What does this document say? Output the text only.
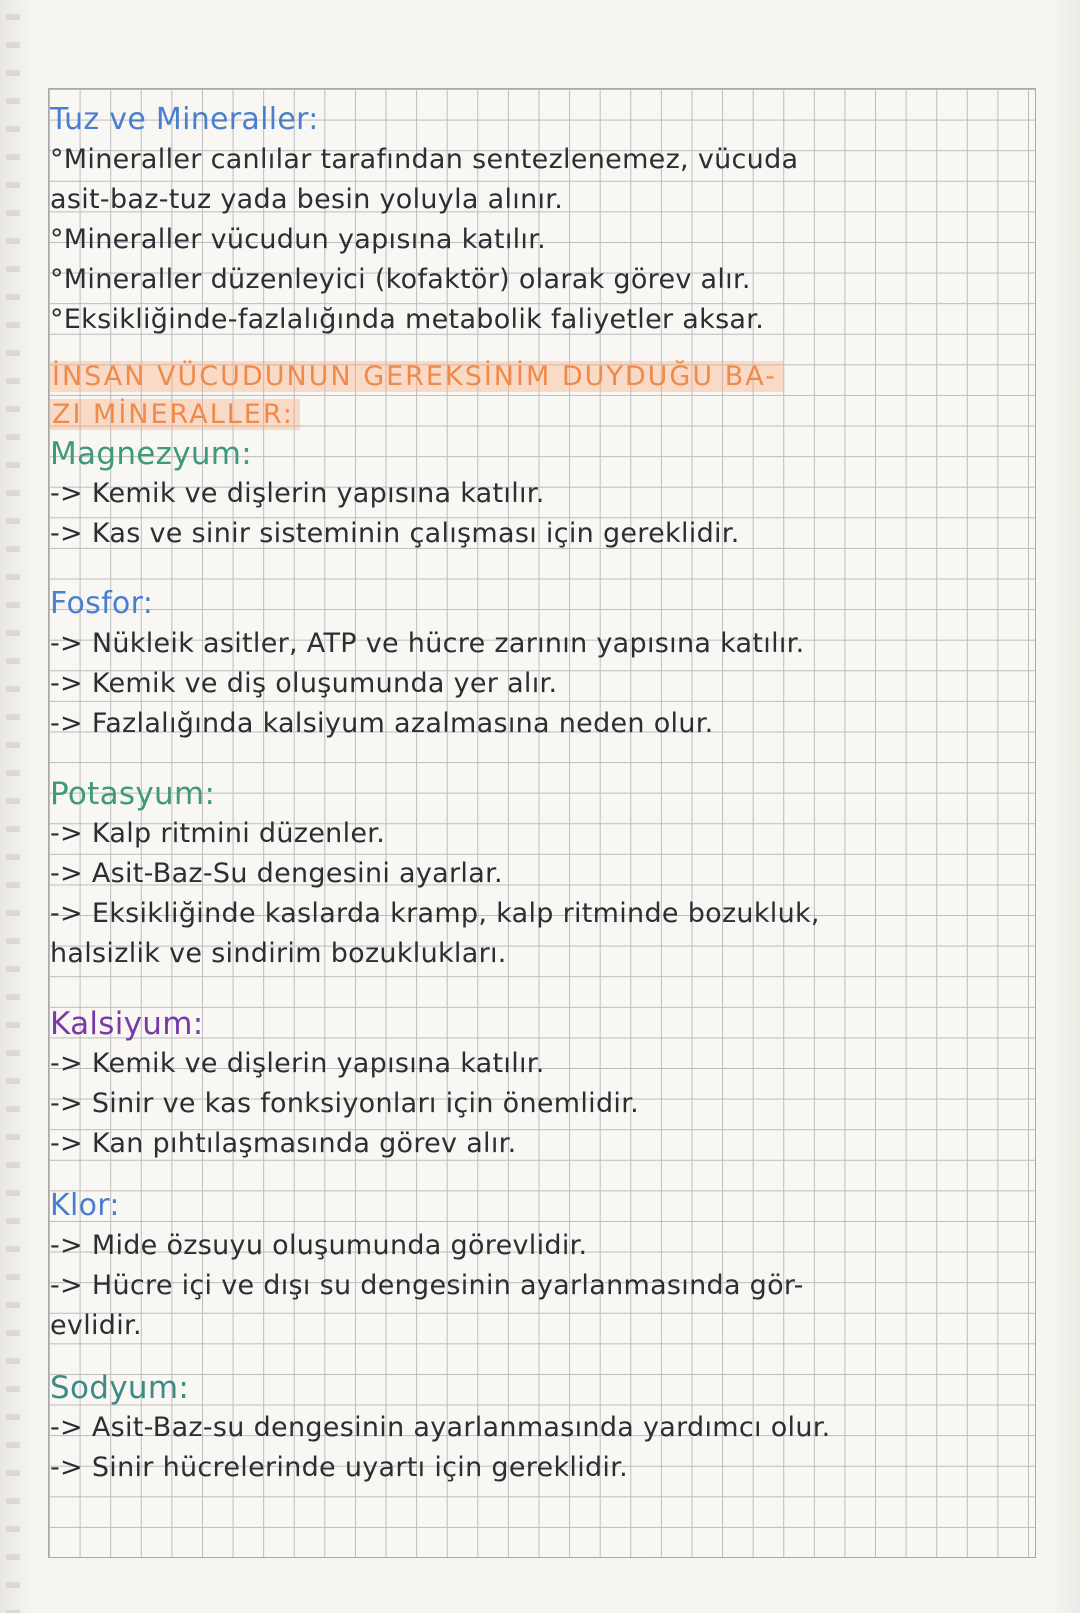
Tuz ve Mineraller:

°Mineraller canlılar tarafından sentezlenemez, vücuda

asit-baz-tuz yada besin yoluyla alınır.

°Mineraller vücudun yapısına katılır.

°Mineraller düzenleyici (kofaktör) olarak görev alır.

°Eksikliğinde-fazlalığında metabolik faliyetler aksar.

İNSAN VÜCUDUNUN GEREKSİNİM DUYDUĞU BA-

ZI MİNERALLER:

Magnezyum:

-> Kemik ve dişlerin yapısına katılır.

-> Kas ve sinir sisteminin çalışması için gereklidir.

Fosfor:

-> Nükleik asitler, ATP ve hücre zarının yapısına katılır.

-> Kemik ve diş oluşumunda yer alır.

-> Fazlalığında kalsiyum azalmasına neden olur.

Potasyum:

-> Kalp ritmini düzenler.

-> Asit-Baz-Su dengesini ayarlar.

-> Eksikliğinde kaslarda kramp, kalp ritminde bozukluk,

halsizlik ve sindirim bozuklukları.

Kalsiyum:

-> Kemik ve dişlerin yapısına katılır.

-> Sinir ve kas fonksiyonları için önemlidir.

-> Kan pıhtılaşmasında görev alır.

Klor:

-> Mide özsuyu oluşumunda görevlidir.

-> Hücre içi ve dışı su dengesinin ayarlanmasında gör-

evlidir.

Sodyum:

-> Asit-Baz-su dengesinin ayarlanmasında yardımcı olur.

-> Sinir hücrelerinde uyartı için gereklidir.
